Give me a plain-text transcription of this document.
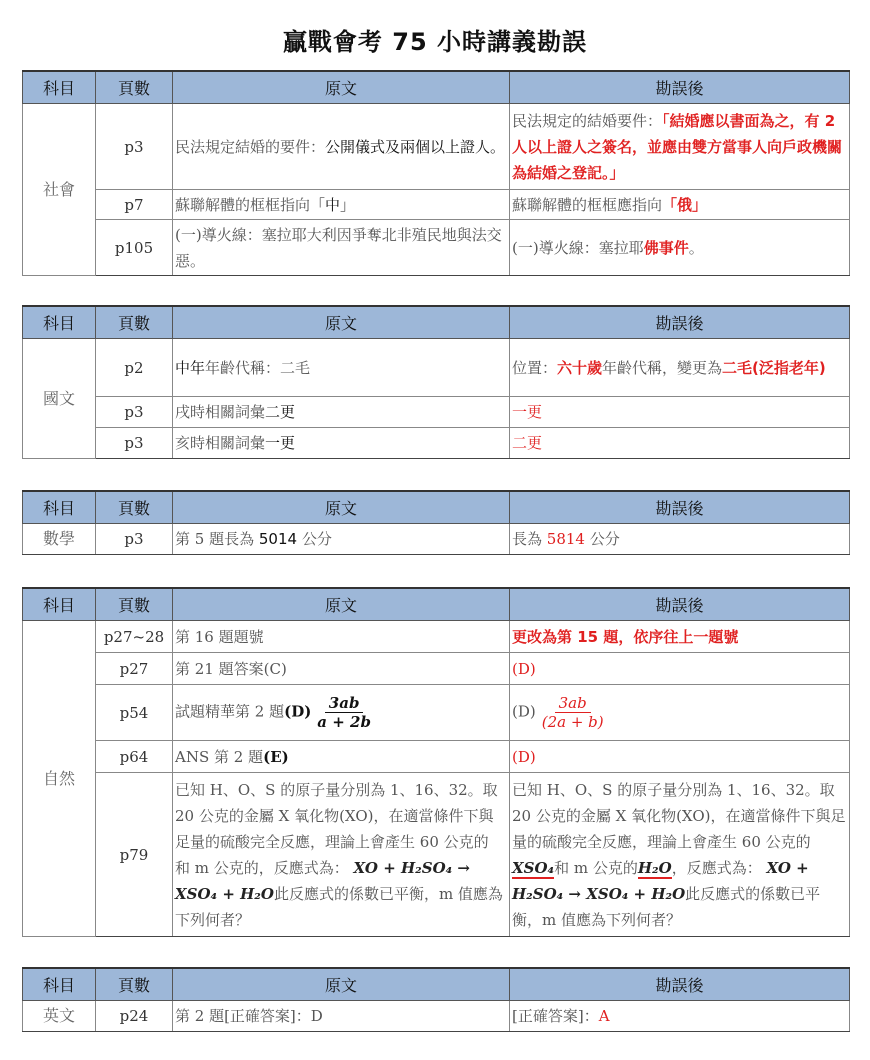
贏戰會考 75 小時講義勘誤
科目	頁數	原文	勘誤後
社會	p3	民法規定結婚的要件：公開儀式及兩個以上證人。	民法規定的結婚要件：「結婚應以書面為之，有 2 人以上證人之簽名，並應由雙方當事人向戶政機關為結婚之登記。」
	p7	蘇聯解體的框框指向「中」	蘇聯解體的框框應指向「俄」
	p105	(一)導火線：塞拉耶大利因爭奪北非殖民地與法交惡。	(一)導火線：塞拉耶佛事件。
科目	頁數	原文	勘誤後
國文	p2	中年年齡代稱：二毛	位置：六十歲年齡代稱，變更為二毛(泛指老年)
	p3	戌時相關詞彙二更	一更
	p3	亥時相關詞彙一更	二更
科目	頁數	原文	勘誤後
數學	p3	第 5 題長為 5014 公分	長為 5814 公分
科目	頁數	原文	勘誤後
自然	p27~28	第 16 題題號	更改為第 15 題，依序往上一題號
	p27	第 21 題答案(C)	(D)
	p54	試題精華第 2 題$(D) \frac{3ab}{a + 2b}$	$(D) \frac{3ab}{(2a + b)}$

	p64	ANS 第 2 題(E)	(D)
	p79	已知 H、O、S 的原子量分別為 1、16、32。取 20 公克的金屬 X 氧化物(XO)，在適當條件下與足量的硫酸完全反應，理論上會產生 60 公克的 和 m 公克的，反應式為： XO + H₂SO₄ → XSO₄ + H₂O此反應式的係數已平衡，m 值應為下列何者？	已知 H、O、S 的原子量分別為 1、16、32。取 20 公克的金屬 X 氧化物(XO)，在適當條件下與足量的硫酸完全反應，理論上會產生 60 公克的XSO₄和 m 公克的H₂O，反應式為： XO + H₂SO₄ → XSO₄ + H₂O此反應式的係數已平衡，m 值應為下列何者？
科目	頁數	原文	勘誤後
英文	p24	第 2 題[正確答案]：D	[正確答案]：A
